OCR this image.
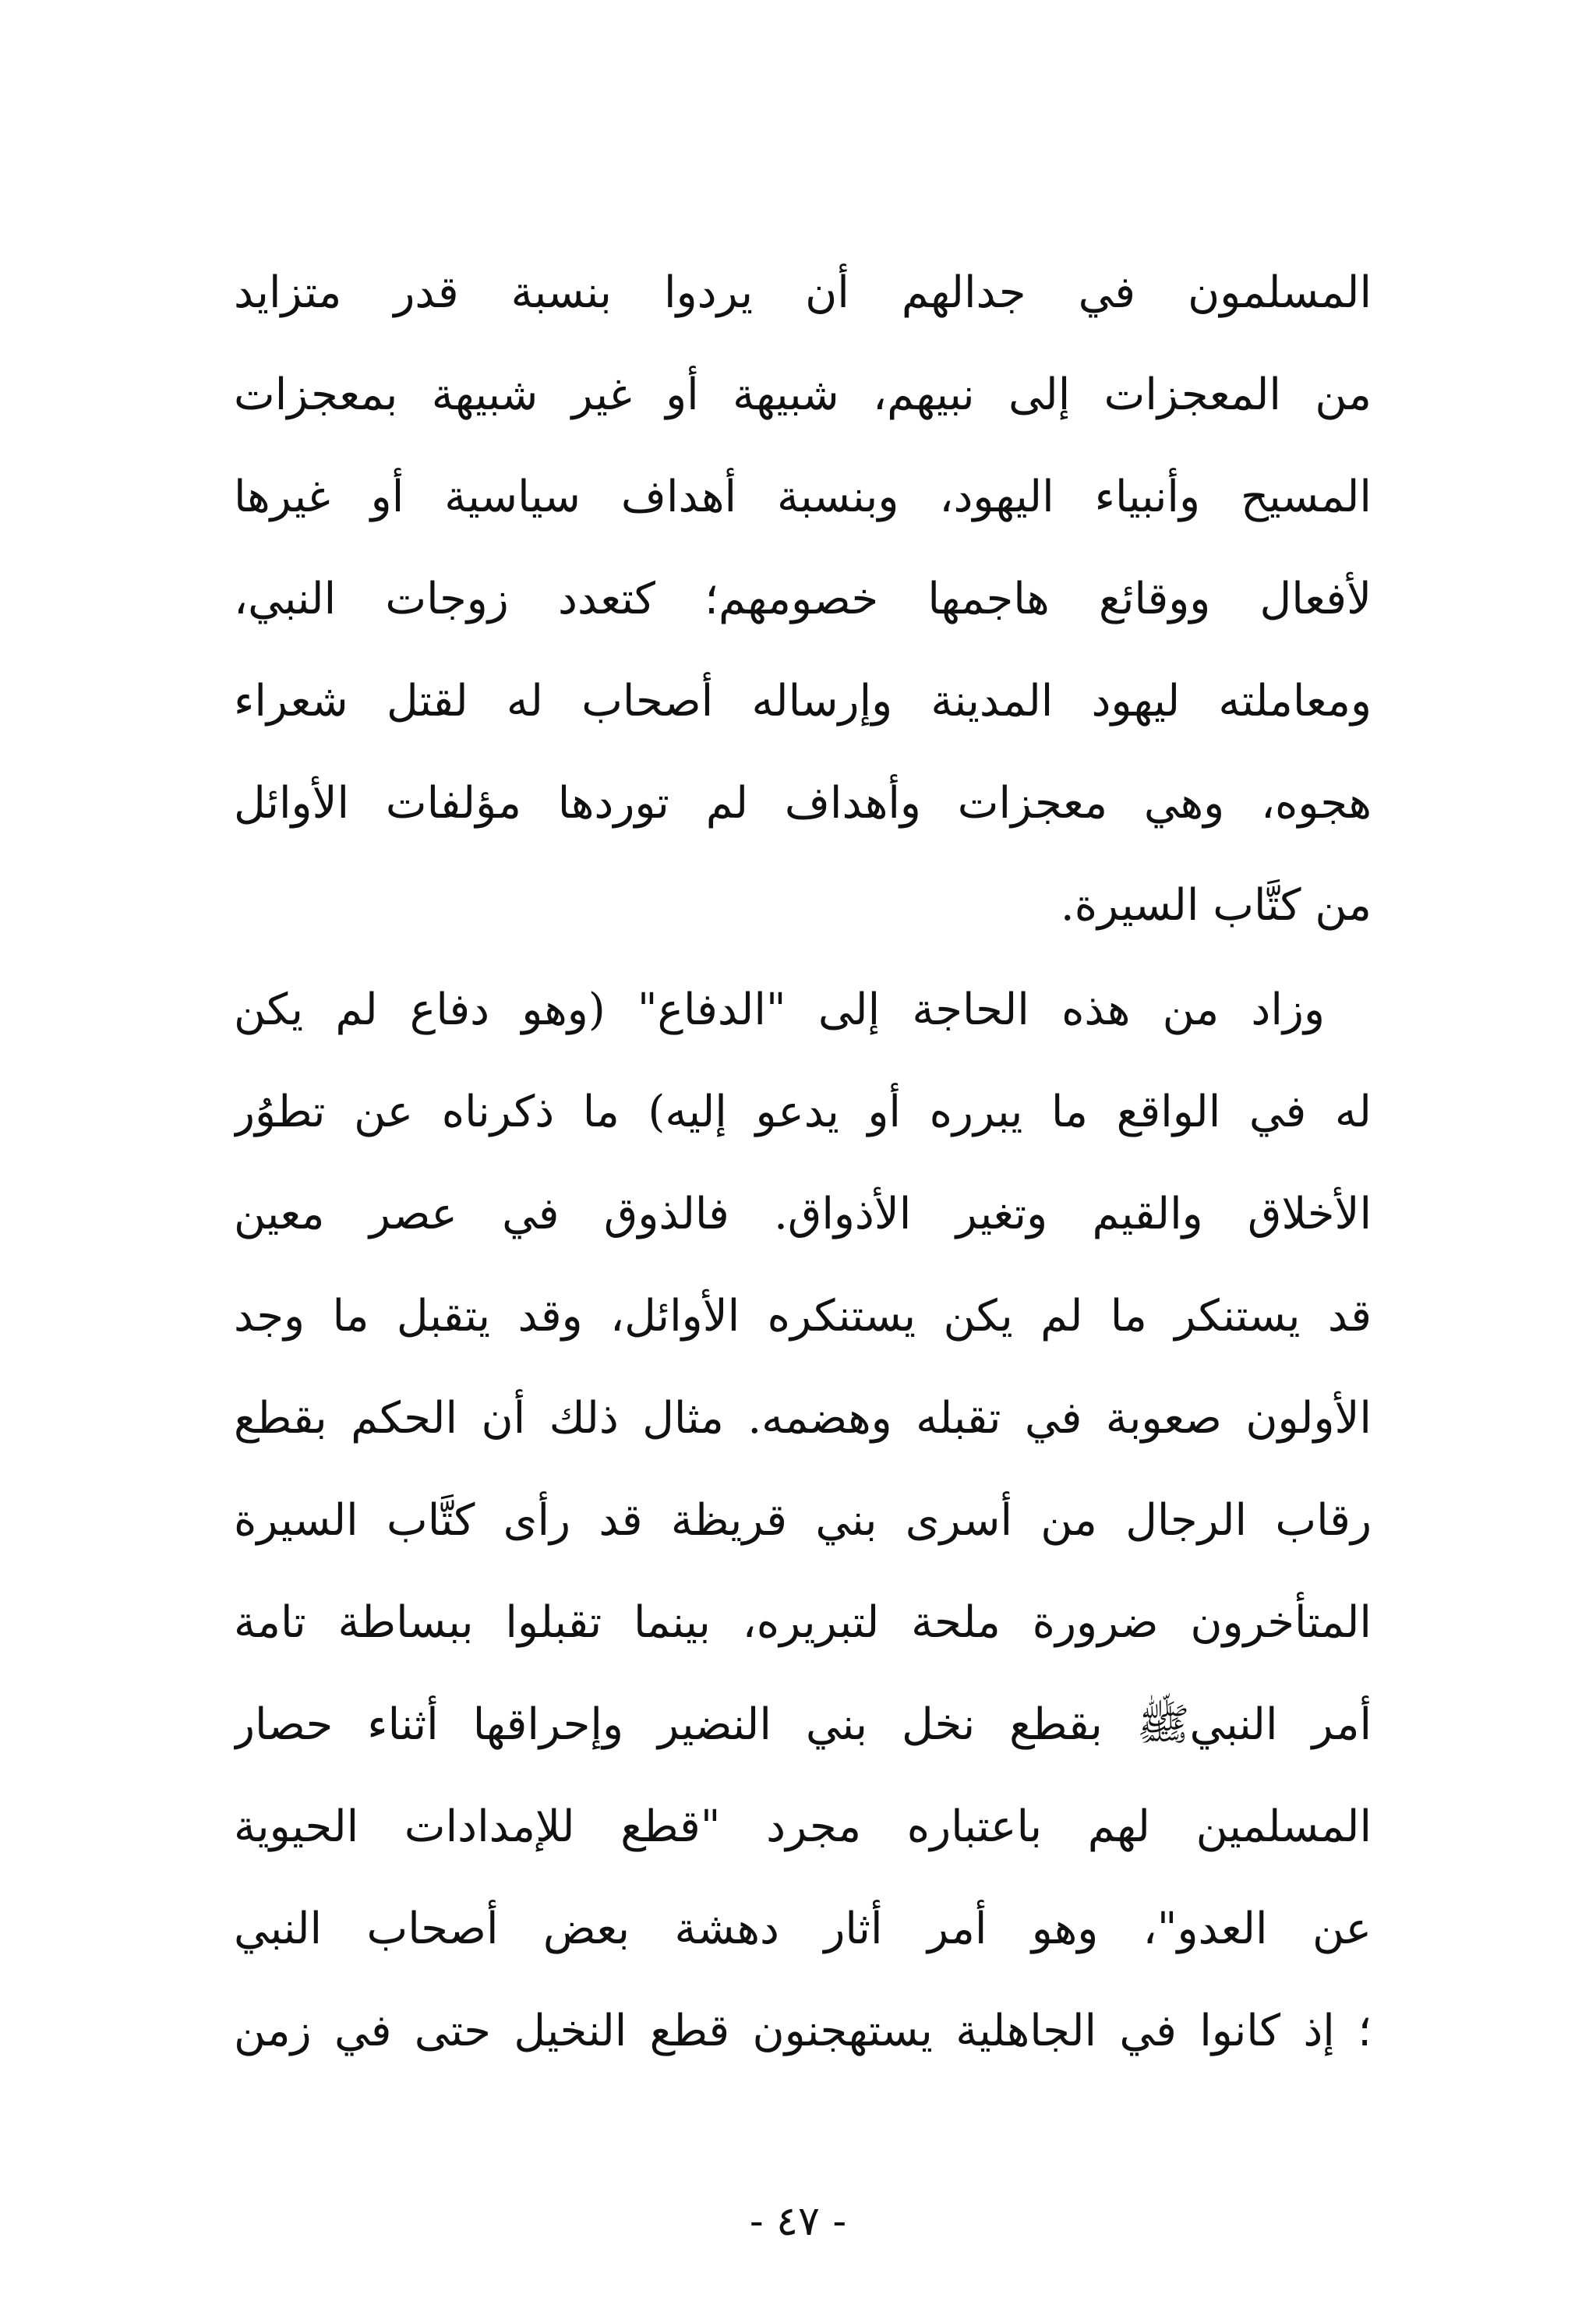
المسلمون في جدالهم أن يردوا بنسبة قدر متزايد
من المعجزات إلى نبيهم، شبيهة أو غير شبيهة بمعجزات
المسيح وأنبياء اليهود، وبنسبة أهداف سياسية أو غيرها
لأفعال ووقائع هاجمها خصومهم؛ كتعدد زوجات النبي،
ومعاملته ليهود المدينة وإرساله أصحاب له لقتل شعراء
هجوه، وهي معجزات وأهداف لم توردها مؤلفات الأوائل
من كتَّاب السيرة.
وزاد من هذه الحاجة إلى "الدفاع" (وهو دفاع لم يكن
له في الواقع ما يبرره أو يدعو إليه) ما ذكرناه عن تطوُر
الأخلاق والقيم وتغير الأذواق. فالذوق في عصر معين
قد يستنكر ما لم يكن يستنكره الأوائل، وقد يتقبل ما وجد
الأولون صعوبة في تقبله وهضمه. مثال ذلك أن الحكم بقطع
رقاب الرجال من أسرى بني قريظة قد رأى كتَّاب السيرة
المتأخرون ضرورة ملحة لتبريره، بينما تقبلوا ببساطة تامة
أمر النبيﷺ بقطع نخل بني النضير وإحراقها أثناء حصار
المسلمين لهم باعتباره مجرد "قطع للإمدادات الحيوية
عن العدو"، وهو أمر أثار دهشة بعض أصحاب النبي
؛ إذ كانوا في الجاهلية يستهجنون قطع النخيل حتى في زمن
- ٤٧ -
